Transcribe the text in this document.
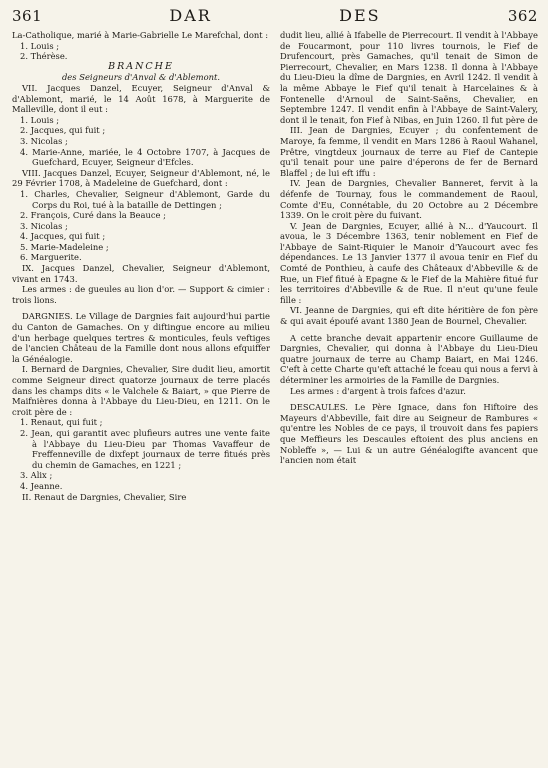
361	DAR	DES	362

La-Catholique, marié à Marie-Gabrielle Le Marefchal, dont :

1. Louis ;

2. Thérèse.

BRANCHE

des Seigneurs d'Anval & d'Ablemont.

VII. Jacques Danzel, Ecuyer, Seigneur d'Anval & d'Ablemont, marié, le 14 Août 1678, à Marguerite de Malleville, dont il eut :

1. Louis ;

2. Jacques, qui fuit ;

3. Nicolas ;

4. Marie-Anne, mariée, le 4 Octobre 1707, à Jacques de Guefchard, Ecuyer, Seigneur d'Efcles.

VIII. Jacques Danzel, Ecuyer, Seigneur d'Ablemont, né, le 29 Février 1708, à Madeleine de Guefchard, dont :

1. Charles, Chevalier, Seigneur d'Ablemont, Garde du Corps du Roi, tué à la bataille de Dettingen ;

2. François, Curé dans la Beauce ;

3. Nicolas ;

4. Jacques, qui fuit ;

5. Marie-Madeleine ;

6. Marguerite.

IX. Jacques Danzel, Chevalier, Seigneur d'Ablemont, vivant en 1743.

Les armes : de gueules au lion d'or. — Support & cimier : trois lions.

DARGNIES. Le Village de Dargnies fait aujourd'hui partie du Canton de Gamaches. On y diftingue encore au milieu d'un herbage quelques tertres & monticules, feuls veftiges de l'ancien Château de la Famille dont nous allons efquiffer la Généalogie.

I. Bernard de Dargnies, Chevalier, Sire dudit lieu, amortit comme Seigneur direct quatorze journaux de terre placés dans les champs dits « le Valchele & Baiart, » que Pierre de Maifnières donna à l'Abbaye du Lieu-Dieu, en 1211. On le croit père de :

1. Renaut, qui fuit ;

2. Jean, qui garantit avec plufieurs autres une vente faite à l'Abbaye du Lieu-Dieu par Thomas Vavaffeur de Freffenneville de dixfept journaux de terre fitués près du chemin de Gamaches, en 1221 ;

3. Alix ;

4. Jeanne.

II. Renaut de Dargnies, Chevalier, Sire

dudit lieu, allié à Ifabelle de Pierrecourt. Il vendit à l'Abbaye de Foucarmont, pour 110 livres tournois, le Fief de Drufencourt, près Gamaches, qu'il tenait de Simon de Pierrecourt, Chevalier, en Mars 1238. Il donna à l'Abbaye du Lieu-Dieu la dîme de Dargnies, en Avril 1242. Il vendit à la même Abbaye le Fief qu'il tenait à Harcelaines & à Fontenelle d'Arnoul de Saint-Saëns, Chevalier, en Septembre 1247. Il vendit enfin à l'Abbaye de Saint-Valery, dont il le tenait, fon Fief à Nibas, en Juin 1260. Il fut père de

III. Jean de Dargnies, Ecuyer ; du confentement de Maroye, fa femme, il vendit en Mars 1286 à Raoul Wahanel, Prêtre, vingtdeux journaux de terre au Fief de Cantepie qu'il tenait pour une paire d'éperons de fer de Bernard Blaffel ; de lui eft iffu :

IV. Jean de Dargnies, Chevalier Banneret, fervit à la défenfe de Tournay, fous le commandement de Raoul, Comte d'Eu, Connétable, du 20 Octobre au 2 Décembre 1339. On le croit père du fuivant.

V. Jean de Dargnies, Ecuyer, allié à N... d'Yaucourt. Il avoua, le 3 Décembre 1363, tenir noblement en Fief de l'Abbaye de Saint-Riquier le Manoir d'Yaucourt avec fes dépendances. Le 13 Janvier 1377 il avoua tenir en Fief du Comté de Ponthieu, à caufe des Châteaux d'Abbeville & de Rue, un Fief fitué à Epagne & le Fief de la Mahière fitué fur les territoires d'Abbeville & de Rue. Il n'eut qu'une feule fille :

VI. Jeanne de Dargnies, qui eft dite héritière de fon père & qui avait époufé avant 1380 Jean de Bournel, Chevalier.

A cette branche devait appartenir encore Guillaume de Dargnies, Chevalier, qui donna à l'Abbaye du Lieu-Dieu quatre journaux de terre au Champ Baiart, en Mai 1246. C'eft à cette Charte qu'eft attaché le fceau qui nous a fervi à déterminer les armoiries de la Famille de Dargnies.

Les armes : d'argent à trois fafces d'azur.

DESCAULES. Le Père Ignace, dans fon Hiftoire des Mayeurs d'Abbeville, fait dire au Seigneur de Rambures « qu'entre les Nobles de ce pays, il trouvoit dans fes papiers que Meffieurs les Descaules eftoient des plus anciens en Nobleffe », — Lui & un autre Généalogifte avancent que l'ancien nom était
